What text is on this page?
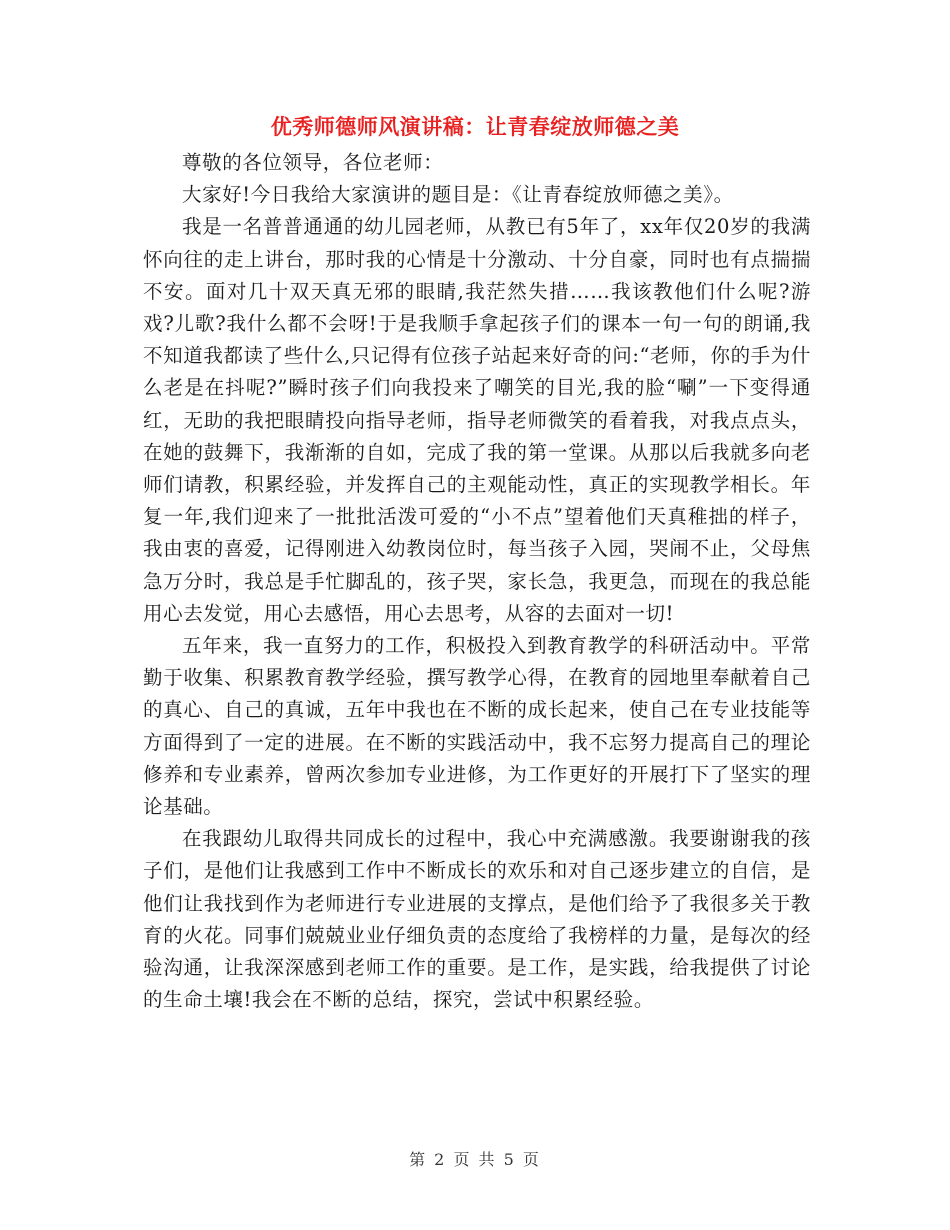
优秀师德师风演讲稿：让青春绽放师德之美

尊敬的各位领导，各位老师：

大家好!今日我给大家演讲的题目是：《让青春绽放师德之美》。

我是一名普普通通的幼儿园老师，从教已有5年了，xx年仅20岁的我满怀向往的走上讲台，那时我的心情是十分激动、十分自豪，同时也有点揣揣不安。面对几十双天真无邪的眼睛,我茫然失措……我该教他们什么呢?游戏?儿歌?我什么都不会呀!于是我顺手拿起孩子们的课本一句一句的朗诵,我不知道我都读了些什么,只记得有位孩子站起来好奇的问:“老师，你的手为什么老是在抖呢?”瞬时孩子们向我投来了嘲笑的目光,我的脸“唰”一下变得通红，无助的我把眼睛投向指导老师，指导老师微笑的看着我，对我点点头，在她的鼓舞下，我渐渐的自如，完成了我的第一堂课。从那以后我就多向老师们请教，积累经验，并发挥自己的主观能动性，真正的实现教学相长。年复一年,我们迎来了一批批活泼可爱的“小不点”望着他们天真稚拙的样子，我由衷的喜爱，记得刚进入幼教岗位时，每当孩子入园，哭闹不止，父母焦急万分时，我总是手忙脚乱的，孩子哭，家长急，我更急，而现在的我总能用心去发觉，用心去感悟，用心去思考，从容的去面对一切!

五年来，我一直努力的工作，积极投入到教育教学的科研活动中。平常勤于收集、积累教育教学经验，撰写教学心得，在教育的园地里奉献着自己的真心、自己的真诚，五年中我也在不断的成长起来，使自己在专业技能等方面得到了一定的进展。在不断的实践活动中，我不忘努力提高自己的理论修养和专业素养，曾两次参加专业进修，为工作更好的开展打下了坚实的理论基础。

在我跟幼儿取得共同成长的过程中，我心中充满感激。我要谢谢我的孩子们，是他们让我感到工作中不断成长的欢乐和对自己逐步建立的自信，是他们让我找到作为老师进行专业进展的支撑点，是他们给予了我很多关于教育的火花。同事们兢兢业业仔细负责的态度给了我榜样的力量，是每次的经验沟通，让我深深感到老师工作的重要。是工作，是实践，给我提供了讨论的生命土壤!我会在不断的总结，探究，尝试中积累经验。

第 2 页 共 5 页
